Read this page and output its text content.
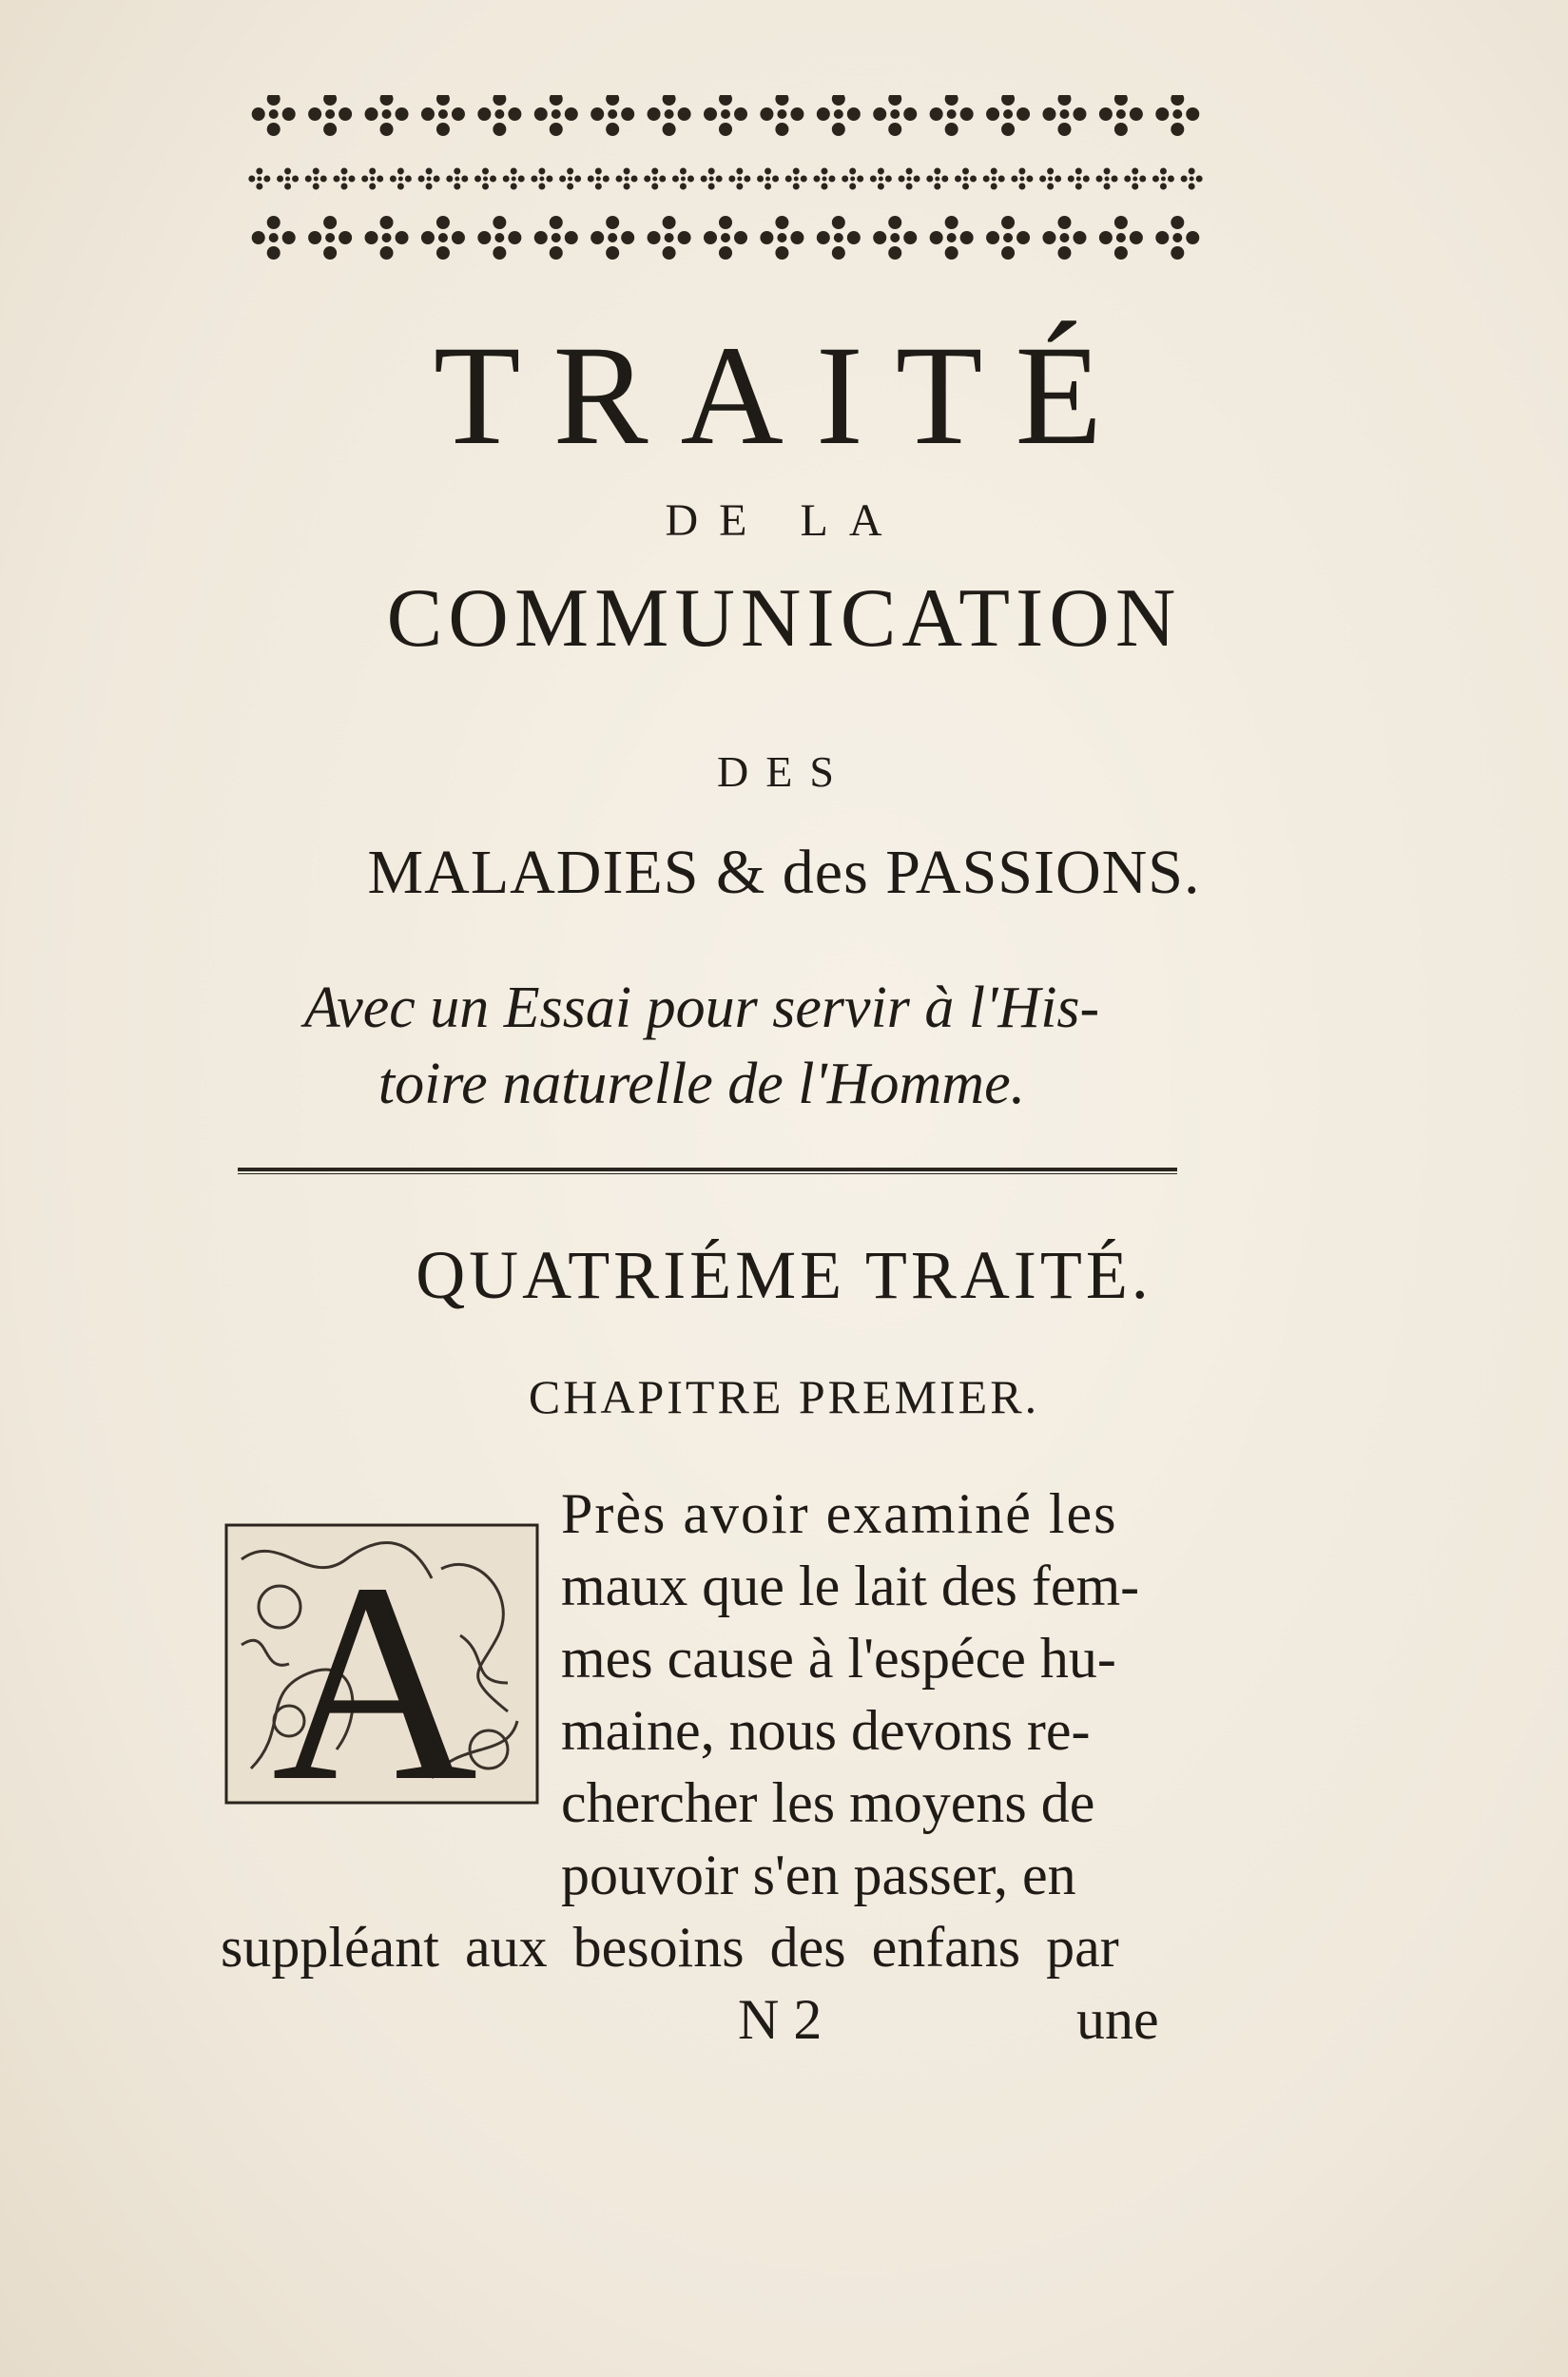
TRAITÉ
DE LA
COMMUNICATION
DES
MALADIES & des PASSIONS.
Avec un Essai pour servir à l'His-
toire naturelle de l'Homme.
QUATRIÉME TRAITÉ.
CHAPITRE PREMIER.
A
Près avoir examiné les
maux que le lait des fem-
mes cause à l'espéce hu-
maine, nous devons re-
chercher les moyens de
pouvoir s'en passer, en
suppléant aux besoins des enfans par
N 2	une
